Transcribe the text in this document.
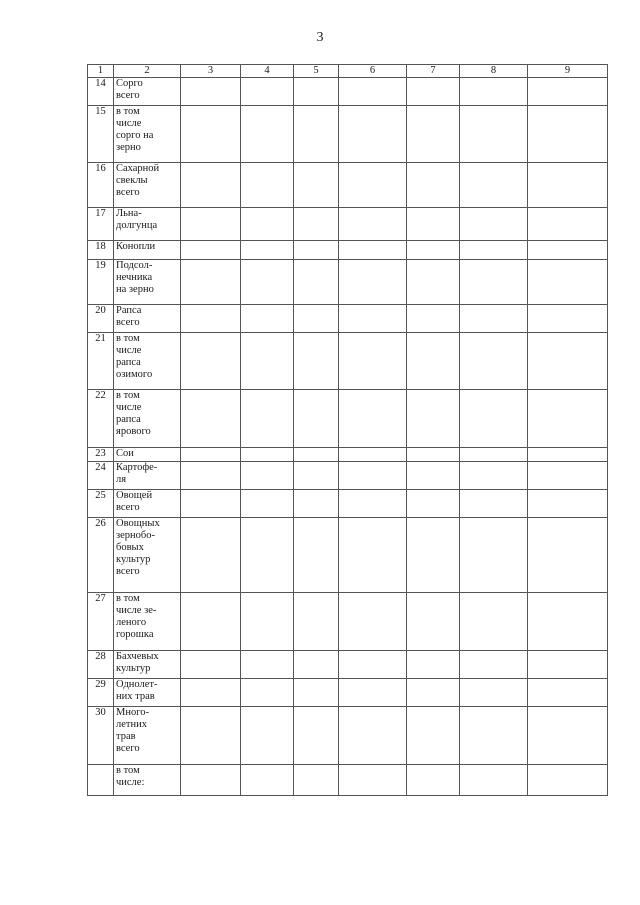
3
1	2	3	4	5	6	7	8	9
14	Сорго
всего							

15	в том
числе
сорго на
зерно							

16	Сахарной
свеклы
всего							

17	Льна-
долгунца							

18	Конопли							

19	Подсол-
нечника
на зерно							

20	Рапса
всего							

21	в том
числе
рапса
озимого							

22	в том
числе
рапса
ярового							

23	Сои							

24	Картофе-
ля							

25	Овощей
всего							

26	Овощных
зернобо-
бовых
культур
всего							

27	в том
числе зе-
леного
горошка							

28	Бахчевых
культур							

29	Однолет-
них трав							

30	Много-
летних
трав
всего							

	в том
числе:							
